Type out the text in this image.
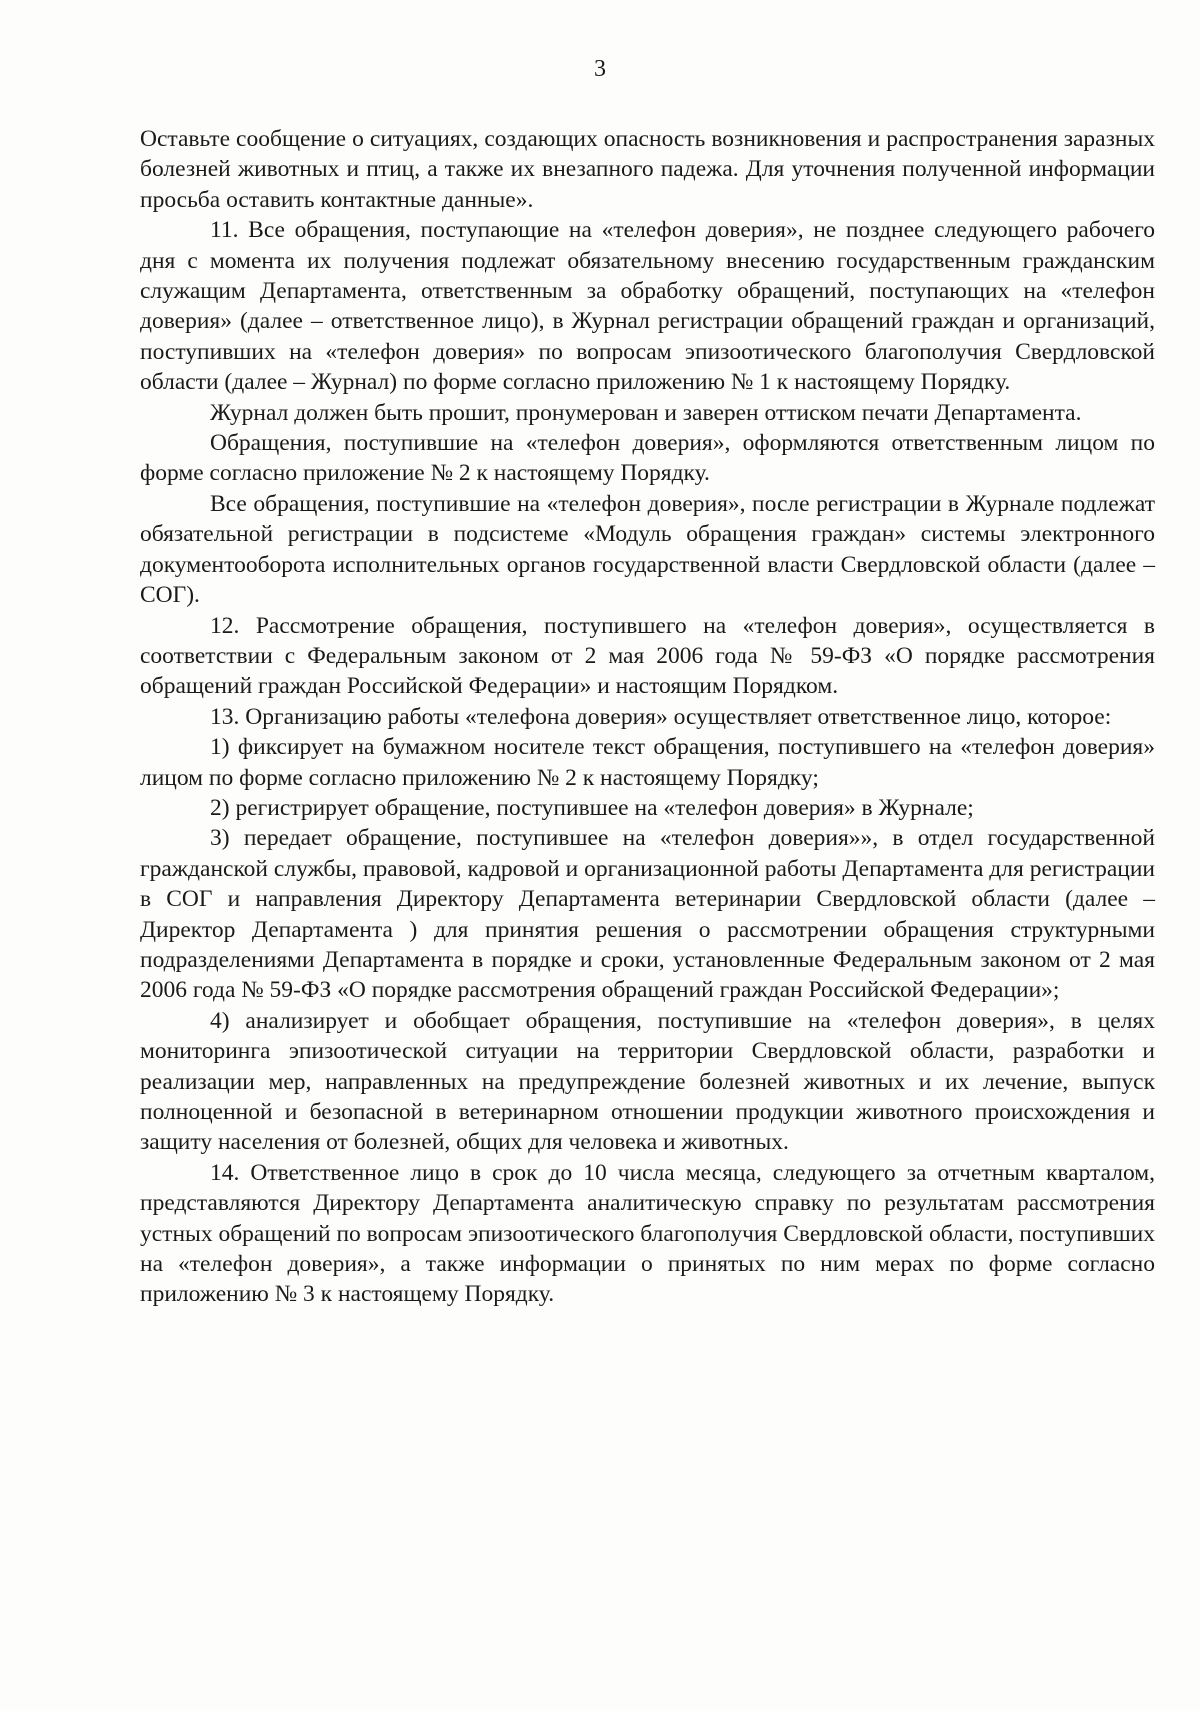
3

Оставьте сообщение о ситуациях, создающих опасность возникновения и распространения заразных болезней животных и птиц, а также их внезапного падежа. Для уточнения полученной информации просьба оставить контактные данные».

11. Все обращения, поступающие на «телефон доверия», не позднее следующего рабочего дня с момента их получения подлежат обязательному внесению государственным гражданским служащим Департамента, ответственным за обработку обращений, поступающих на «телефон доверия» (далее – ответственное лицо), в Журнал регистрации обращений граждан и организаций, поступивших на «телефон доверия» по вопросам эпизоотического благополучия Свердловской области (далее – Журнал) по форме согласно приложению № 1 к настоящему Порядку.

Журнал должен быть прошит, пронумерован и заверен оттиском печати Департамента.

Обращения, поступившие на «телефон доверия», оформляются ответственным лицом по форме согласно приложение № 2 к настоящему Порядку.

Все обращения, поступившие на «телефон доверия», после регистрации в Журнале подлежат обязательной регистрации в подсистеме «Модуль обращения граждан» системы электронного документооборота исполнительных органов государственной власти Свердловской области (далее – СОГ).

12. Рассмотрение обращения, поступившего на «телефон доверия», осуществляется в соответствии с Федеральным законом от 2 мая 2006 года № 59-ФЗ «О порядке рассмотрения обращений граждан Российской Федерации» и настоящим Порядком.

13. Организацию работы «телефона доверия» осуществляет ответственное лицо, которое:

1) фиксирует на бумажном носителе текст обращения, поступившего на «телефон доверия» лицом по форме согласно приложению № 2 к настоящему Порядку;

2) регистрирует обращение, поступившее на «телефон доверия» в Журнале;

3) передает обращение, поступившее на «телефон доверия»», в отдел государственной гражданской службы, правовой, кадровой и организационной работы Департамента для регистрации в СОГ и направления Директору Департамента ветеринарии Свердловской области (далее – Директор Департамента ) для принятия решения о рассмотрении обращения структурными подразделениями Департамента в порядке и сроки, установленные Федеральным законом от 2 мая 2006 года № 59-ФЗ «О порядке рассмотрения обращений граждан Российской Федерации»;

4) анализирует и обобщает обращения, поступившие на «телефон доверия», в целях мониторинга эпизоотической ситуации на территории Свердловской области, разработки и реализации мер, направленных на предупреждение болезней животных и их лечение, выпуск полноценной и безопасной в ветеринарном отношении продукции животного происхождения и защиту населения от болезней, общих для человека и животных.

14. Ответственное лицо в срок до 10 числа месяца, следующего за отчетным кварталом, представляются Директору Департамента аналитическую справку по результатам рассмотрения устных обращений по вопросам эпизоотического благополучия Свердловской области, поступивших на «телефон доверия», а также информации о принятых по ним мерах по форме согласно приложению № 3 к настоящему Порядку.
